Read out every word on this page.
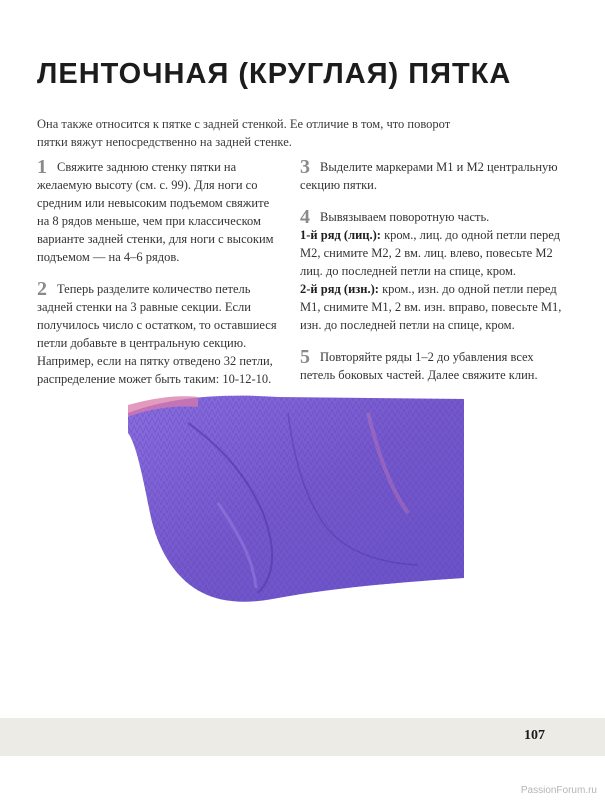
ЛЕНТОЧНАЯ (КРУГЛАЯ) ПЯТКА

Она также относится к пятке с задней стенкой. Ее отличие в том, что поворот пятки вяжут непосредственно на задней стенке.

1 Свяжите заднюю стенку пятки на желаемую высоту (см. с. 99). Для ноги со средним или невысоким подъемом свяжите на 8 рядов меньше, чем при классическом варианте задней стенки, для ноги с высоким подъемом — на 4–6 рядов.

2 Теперь разделите количество петель задней стенки на 3 равные секции. Если получилось число с остатком, то оставшиеся петли добавьте в центральную секцию. Например, если на пятку отведено 32 петли, распределение может быть таким: 10-12-10.

3 Выделите маркерами М1 и М2 центральную секцию пятки.

4 Вывязываем поворотную часть.
1-й ряд (лиц.): кром., лиц. до одной петли перед М2, снимите М2, 2 вм. лиц. влево, повесьте М2 лиц. до последней петли на спице, кром.
2-й ряд (изн.): кром., изн. до одной петли перед М1, снимите М1, 2 вм. изн. вправо, повесьте М1, изн. до последней петли на спице, кром.

5 Повторяйте ряды 1–2 до убавления всех петель боковых частей. Далее свяжите клин.

107
PassionForum.ru
